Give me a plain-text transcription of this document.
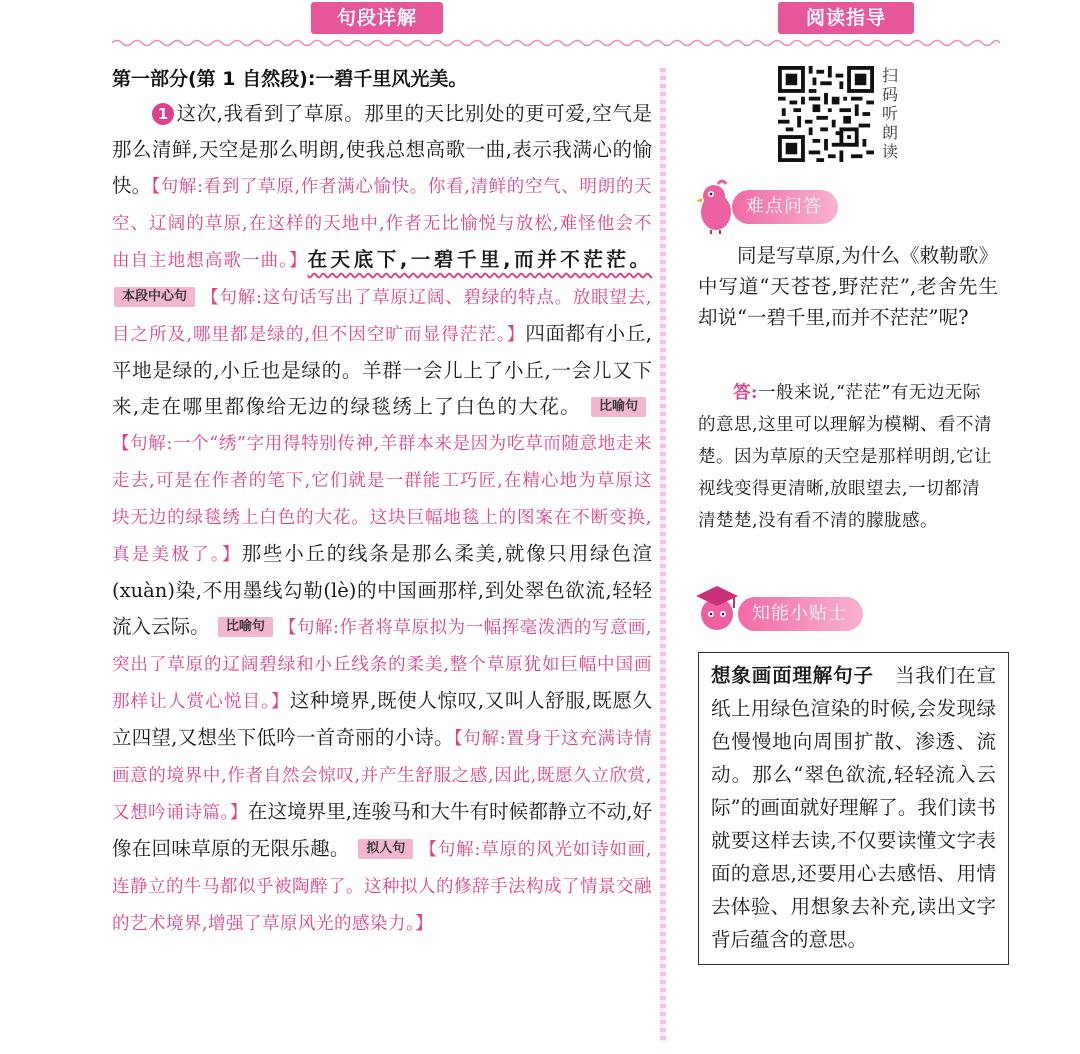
句段详解	阅读指导
第一部分(第 1 自然段):一碧千里风光美。
1 这次,我看到了草原。那里的天比别处的更可爱,空气是那么清鲜,天空是那么明朗,使我总想高歌一曲,表示我满心的愉快。【句解:看到了草原,作者满心愉快。你看,清鲜的空气、明朗的天空、辽阔的草原,在这样的天地中,作者无比愉悦与放松,难怪他会不由自主地想高歌一曲。】在天底下,一碧千里,而并不茫茫。 本段中心句 【句解:这句话写出了草原辽阔、碧绿的特点。放眼望去,目之所及,哪里都是绿的,但不因空旷而显得茫茫。】四面都有小丘,平地是绿的,小丘也是绿的。羊群一会儿上了小丘,一会儿又下来,走在哪里都像给无边的绿毯绣上了白色的大花。 比喻句【句解:一个“绣”字用得特别传神,羊群本来是因为吃草而随意地走来走去,可是在作者的笔下,它们就是一群能工巧匠,在精心地为草原这块无边的绿毯绣上白色的大花。这块巨幅地毯上的图案在不断变换,真是美极了。】那些小丘的线条是那么柔美,就像只用绿色渲(xuàn)染,不用墨线勾勒(lè)的中国画那样,到处翠色欲流,轻轻流入云际。 比喻句 【句解:作者将草原拟为一幅挥毫泼洒的写意画,突出了草原的辽阔碧绿和小丘线条的柔美,整个草原犹如巨幅中国画那样让人赏心悦目。】这种境界,既使人惊叹,又叫人舒服,既愿久立四望,又想坐下低吟一首奇丽的小诗。【句解:置身于这充满诗情画意的境界中,作者自然会惊叹,并产生舒服之感,因此,既愿久立欣赏,又想吟诵诗篇。】在这境界里,连骏马和大牛有时候都静立不动,好像在回味草原的无限乐趣。 拟人句 【句解:草原的风光如诗如画,连静立的牛马都似乎被陶醉了。这种拟人的修辞手法构成了情景交融的艺术境界,增强了草原风光的感染力。】
扫码听朗读
难点问答
同是写草原,为什么《敕勒歌》中写道“天苍苍,野茫茫”,老舍先生却说“一碧千里,而并不茫茫”呢?
答:一般来说,“茫茫”有无边无际的意思,这里可以理解为模糊、看不清楚。因为草原的天空是那样明朗,它让视线变得更清晰,放眼望去,一切都清清楚楚,没有看不清的朦胧感。
知能小贴士
想象画面理解句子 当我们在宣纸上用绿色渲染的时候,会发现绿色慢慢地向周围扩散、渗透、流动。那么“翠色欲流,轻轻流入云际”的画面就好理解了。我们读书就要这样去读,不仅要读懂文字表面的意思,还要用心去感悟、用情去体验、用想象去补充,读出文字背后蕴含的意思。
